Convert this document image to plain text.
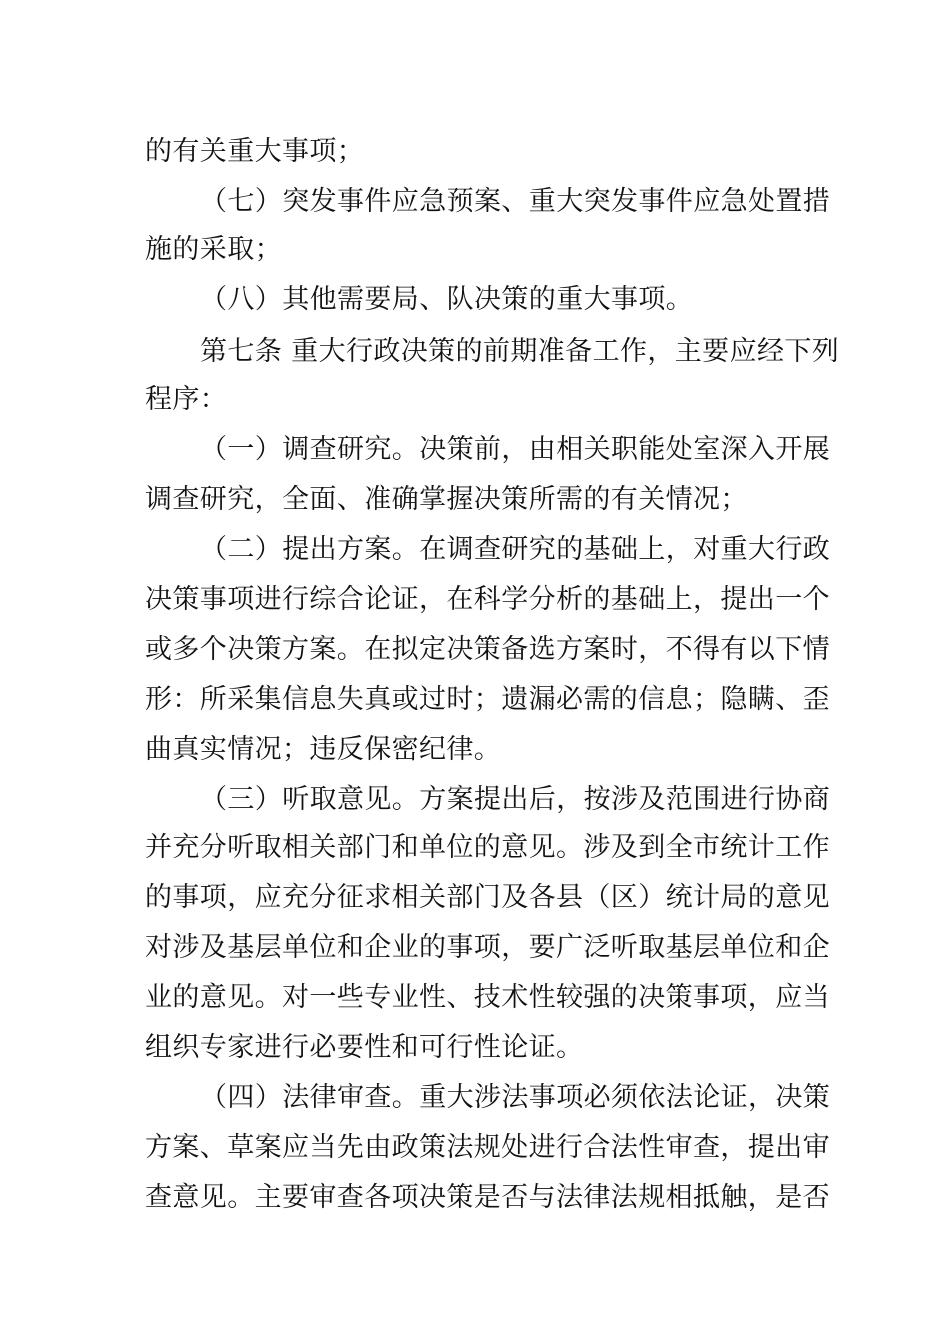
的有关重大事项；
（七）突发事件应急预案、重大突发事件应急处置措
施的采取；
（八）其他需要局、队决策的重大事项。
第七条 重大行政决策的前期准备工作，主要应经下列
程序：
（一）调查研究。决策前，由相关职能处室深入开展
调查研究，全面、准确掌握决策所需的有关情况；
（二）提出方案。在调查研究的基础上，对重大行政
决策事项进行综合论证，在科学分析的基础上，提出一个
或多个决策方案。在拟定决策备选方案时，不得有以下情
形：所采集信息失真或过时；遗漏必需的信息；隐瞒、歪
曲真实情况；违反保密纪律。
（三）听取意见。方案提出后，按涉及范围进行协商
并充分听取相关部门和单位的意见。涉及到全市统计工作
的事项，应充分征求相关部门及各县（区）统计局的意见
对涉及基层单位和企业的事项，要广泛听取基层单位和企
业的意见。对一些专业性、技术性较强的决策事项，应当
组织专家进行必要性和可行性论证。
（四）法律审查。重大涉法事项必须依法论证，决策
方案、草案应当先由政策法规处进行合法性审查，提出审
查意见。主要审查各项决策是否与法律法规相抵触，是否
